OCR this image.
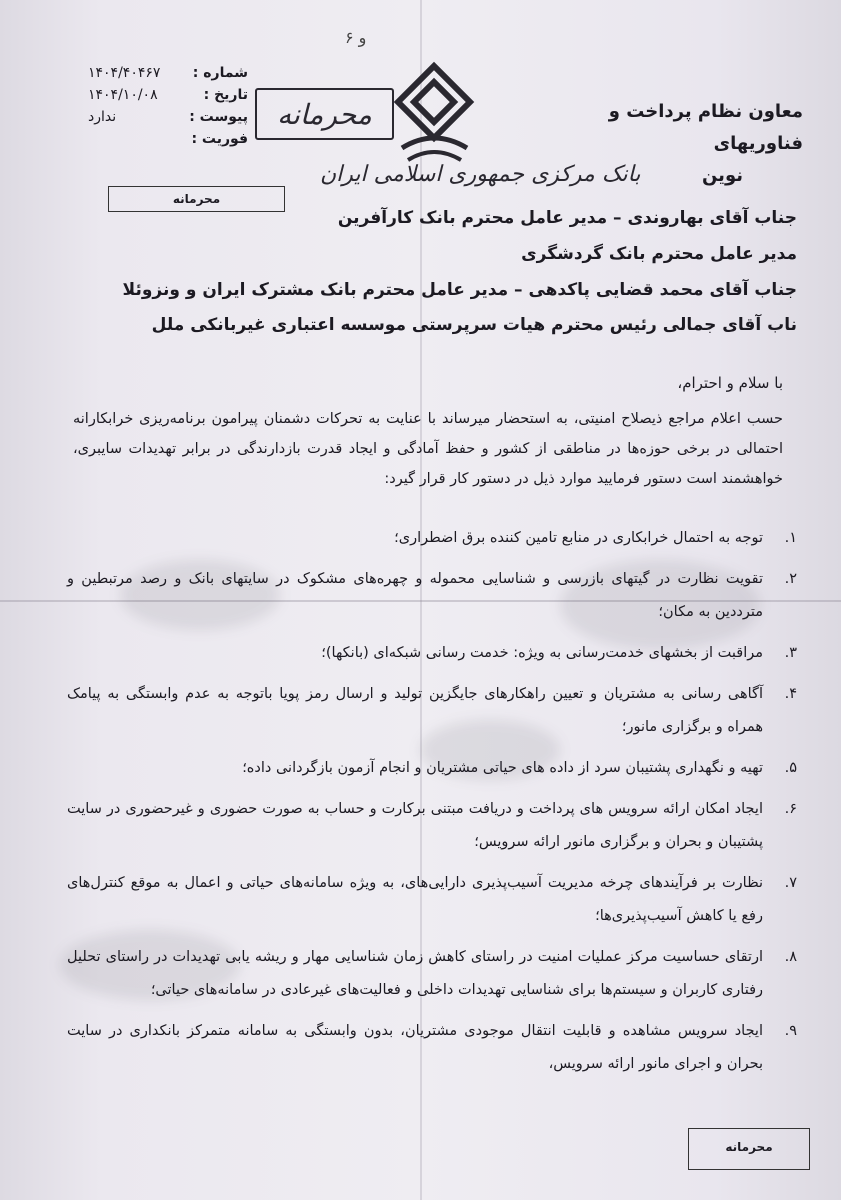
و ۶
شماره :
۱۴۰۴/۴۰۴۶۷
تاریخ :
۱۴۰۴/۱۰/۰۸
پیوست :
ندارد
فوریت :
محرمانه
محرمانه
بانک مرکزی جمهوری اسلامی ایران
معاون نظام پرداخت و فناوریهای
نوین
جناب آقای بهاروندی – مدیر عامل محترم بانک کارآفرین
مدیر عامل محترم بانک گردشگری
جناب آقای محمد قضایی پاکدهی – مدیر عامل محترم بانک مشترک ایران و ونزوئلا
ناب آقای جمالی رئیس محترم هیات سرپرستی موسسه اعتباری غیربانکی ملل
با سلام و احترام،
حسب اعلام مراجع ذیصلاح امنیتی، به استحضار میرساند با عنایت به تحرکات دشمنان پیرامون برنامه‌ریزی خرابکارانه احتمالی در برخی حوزه‌ها در مناطقی از کشور و حفظ آمادگی و ایجاد قدرت بازدارندگی در برابر تهدیدات سایبری، خواهشمند است دستور فرمایید موارد ذیل در دستور کار قرار گیرد:
۱.
توجه به احتمال خرابکاری در منابع تامین کننده برق اضطراری؛
۲.
تقویت نظارت در گیتهای بازرسی و شناسایی محموله و چهره‌های مشکوک در سایتهای بانک و رصد مرتبطین و مترددین به مکان؛
۳.
مراقبت از بخشهای خدمت‌رسانی به ویژه: خدمت رسانی شبکه‌ای (بانکها)؛
۴.
آگاهی رسانی به مشتریان و تعیین راهکارهای جایگزین تولید و ارسال رمز پویا باتوجه به عدم وابستگی به پیامک همراه و برگزاری مانور؛
۵.
تهیه و نگهداری پشتیبان سرد از داده های حیاتی مشتریان و انجام آزمون بازگردانی داده؛
۶.
ایجاد امکان ارائه سرویس های پرداخت و دریافت مبتنی برکارت و حساب به صورت حضوری و غیرحضوری در سایت پشتیبان و بحران و برگزاری مانور ارائه سرویس؛
۷.
نظارت بر فرآیندهای چرخه مدیریت آسیب‌پذیری دارایی‌های، به ویژه سامانه‌های حیاتی و اعمال به موقع کنترل‌های رفع یا کاهش آسیب‌پذیری‌ها؛
۸.
ارتقای حساسیت مرکز عملیات امنیت در راستای کاهش زمان شناسایی مهار و ریشه یابی تهدیدات در راستای تحلیل رفتاری کاربران و سیستم‌ها برای شناسایی تهدیدات داخلی و فعالیت‌های غیرعادی در سامانه‌های حیاتی؛
۹.
ایجاد سرویس مشاهده و قابلیت انتقال موجودی مشتریان، بدون وابستگی به سامانه متمرکز بانکداری در سایت بحران و اجرای مانور ارائه سرویس،
محرمانه
